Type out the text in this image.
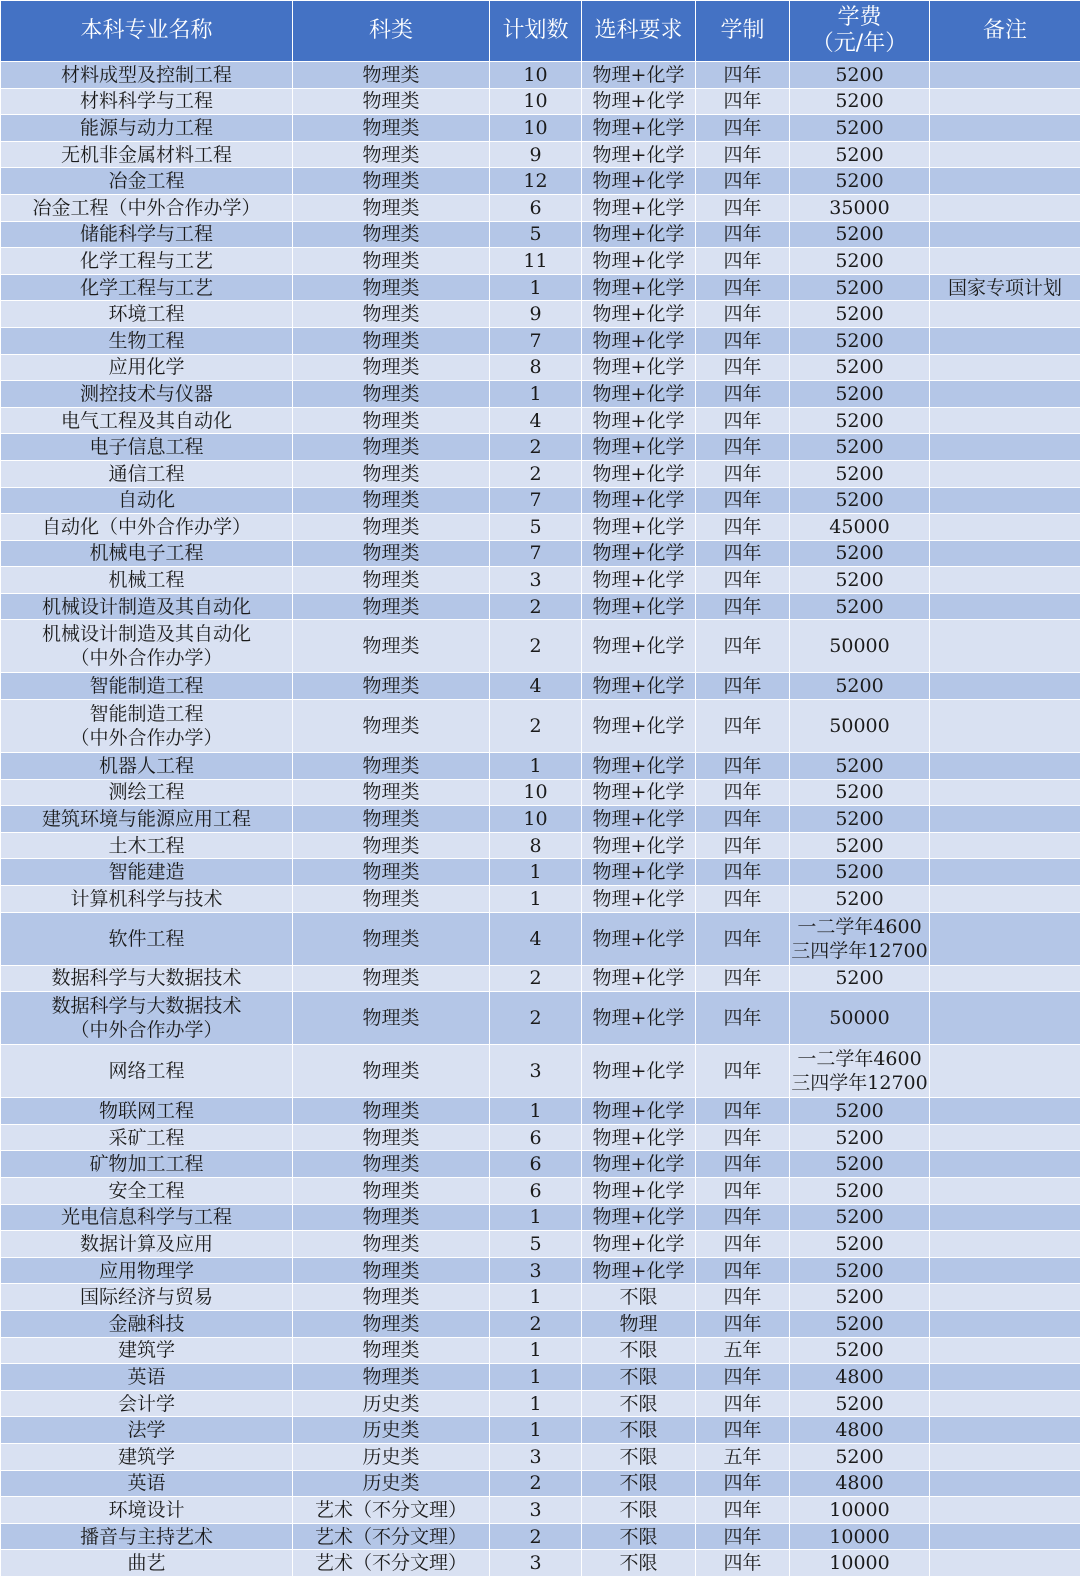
本科专业名称	科类	计划数	选科要求	学制	学费
（元/年）	备注
材料成型及控制工程	物理类	10	物理+化学	四年	5200	
材料科学与工程	物理类	10	物理+化学	四年	5200	
能源与动力工程	物理类	10	物理+化学	四年	5200	
无机非金属材料工程	物理类	9	物理+化学	四年	5200	
冶金工程	物理类	12	物理+化学	四年	5200	
冶金工程（中外合作办学）	物理类	6	物理+化学	四年	35000	
储能科学与工程	物理类	5	物理+化学	四年	5200	
化学工程与工艺	物理类	11	物理+化学	四年	5200	
化学工程与工艺	物理类	1	物理+化学	四年	5200	国家专项计划
环境工程	物理类	9	物理+化学	四年	5200	
生物工程	物理类	7	物理+化学	四年	5200	
应用化学	物理类	8	物理+化学	四年	5200	
测控技术与仪器	物理类	1	物理+化学	四年	5200	
电气工程及其自动化	物理类	4	物理+化学	四年	5200	
电子信息工程	物理类	2	物理+化学	四年	5200	
通信工程	物理类	2	物理+化学	四年	5200	
自动化	物理类	7	物理+化学	四年	5200	
自动化（中外合作办学）	物理类	5	物理+化学	四年	45000	
机械电子工程	物理类	7	物理+化学	四年	5200	
机械工程	物理类	3	物理+化学	四年	5200	
机械设计制造及其自动化	物理类	2	物理+化学	四年	5200	
机械设计制造及其自动化
（中外合作办学）	物理类	2	物理+化学	四年	50000	
智能制造工程	物理类	4	物理+化学	四年	5200	
智能制造工程
（中外合作办学）	物理类	2	物理+化学	四年	50000	
机器人工程	物理类	1	物理+化学	四年	5200	
测绘工程	物理类	10	物理+化学	四年	5200	
建筑环境与能源应用工程	物理类	10	物理+化学	四年	5200	
土木工程	物理类	8	物理+化学	四年	5200	
智能建造	物理类	1	物理+化学	四年	5200	
计算机科学与技术	物理类	1	物理+化学	四年	5200	
软件工程	物理类	4	物理+化学	四年	一二学年4600
三四学年12700	
数据科学与大数据技术	物理类	2	物理+化学	四年	5200	
数据科学与大数据技术
（中外合作办学）	物理类	2	物理+化学	四年	50000	
网络工程	物理类	3	物理+化学	四年	一二学年4600
三四学年12700	
物联网工程	物理类	1	物理+化学	四年	5200	
采矿工程	物理类	6	物理+化学	四年	5200	
矿物加工工程	物理类	6	物理+化学	四年	5200	
安全工程	物理类	6	物理+化学	四年	5200	
光电信息科学与工程	物理类	1	物理+化学	四年	5200	
数据计算及应用	物理类	5	物理+化学	四年	5200	
应用物理学	物理类	3	物理+化学	四年	5200	
国际经济与贸易	物理类	1	不限	四年	5200	
金融科技	物理类	2	物理	四年	5200	
建筑学	物理类	1	不限	五年	5200	
英语	物理类	1	不限	四年	4800	
会计学	历史类	1	不限	四年	5200	
法学	历史类	1	不限	四年	4800	
建筑学	历史类	3	不限	五年	5200	
英语	历史类	2	不限	四年	4800	
环境设计	艺术（不分文理）	3	不限	四年	10000	
播音与主持艺术	艺术（不分文理）	2	不限	四年	10000	
曲艺	艺术（不分文理）	3	不限	四年	10000	
